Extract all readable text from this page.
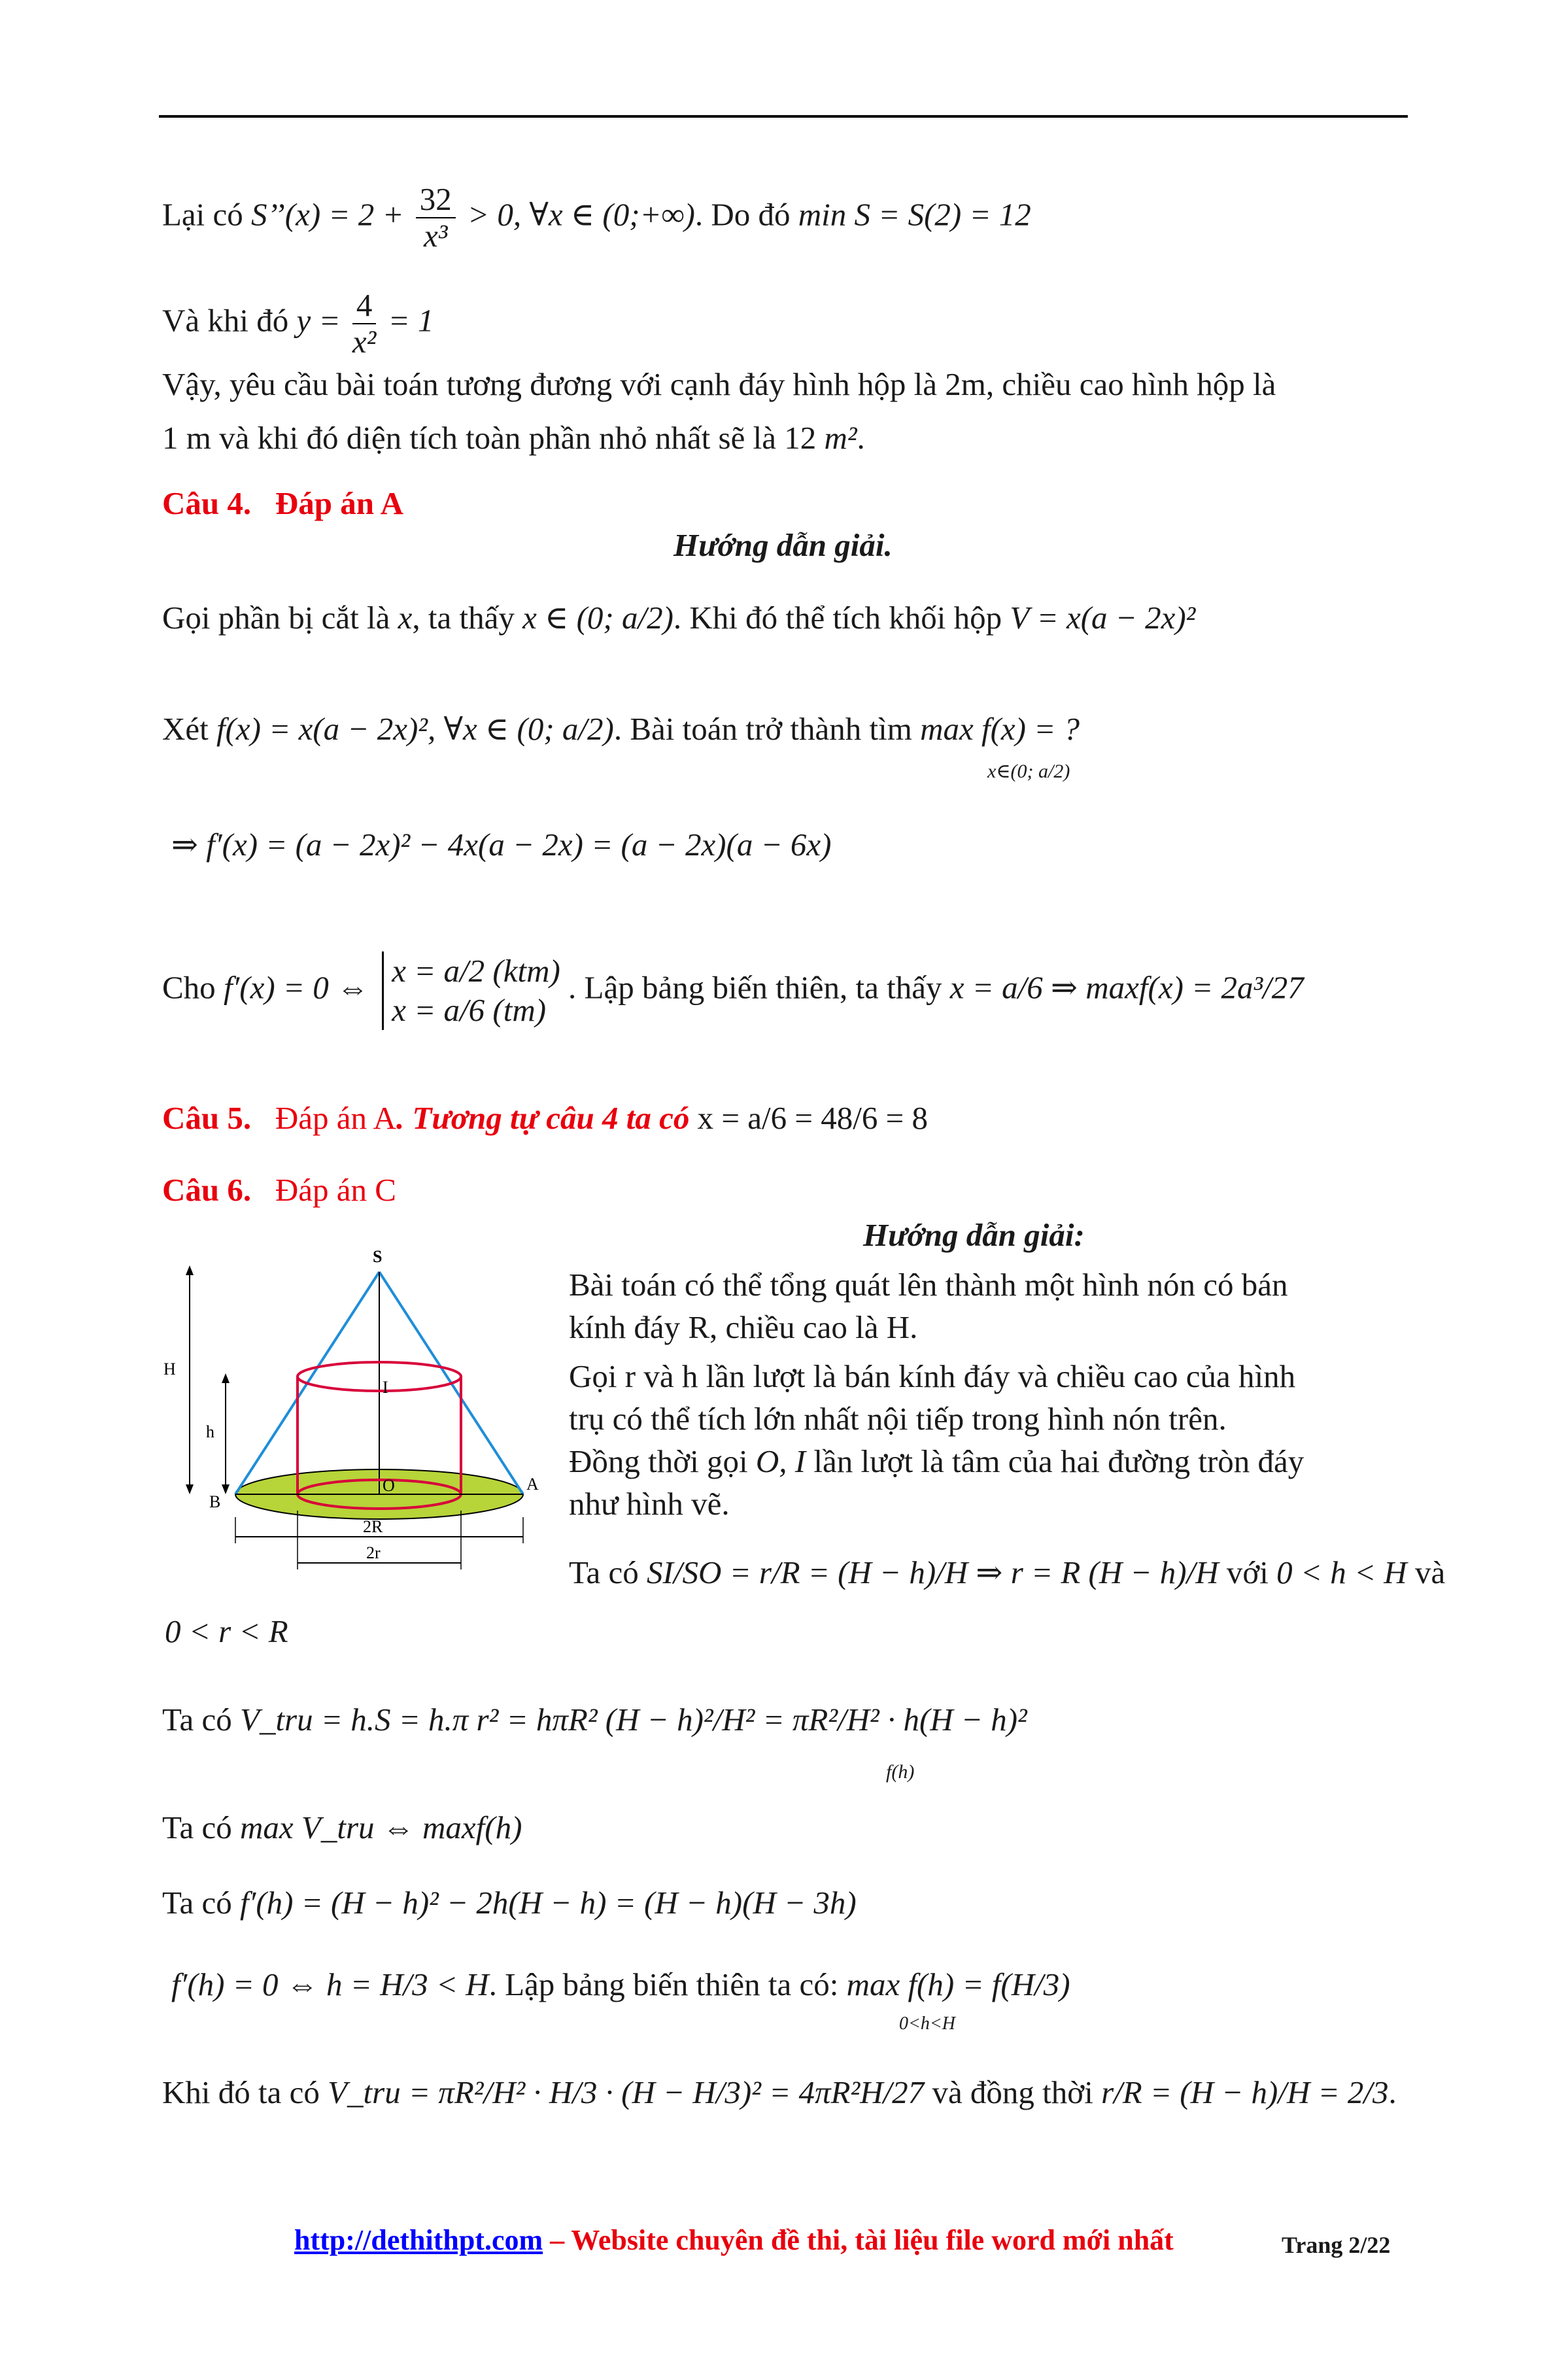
Lại có S’’(x) = $2 + \frac{32}{\text{x³}} > 0$, ∀x ∈ (0;+∞). Do đó min S = S(2) = 12
Và khi đó $y = \frac{4}{\text{x²}} = 1$
Vậy, yêu cầu bài toán tương đương với cạnh đáy hình hộp là 2m, chiều cao hình hộp là
1 m và khi đó diện tích toàn phần nhỏ nhất sẽ là 12 m².
Câu 4. Đáp án A
Hướng dẫn giải.
Gọi phần bị cắt là x, ta thấy x ∈ (0; a/2). Khi đó thể tích khối hộp V = x(a − 2x)²
Xét f(x) = x(a − 2x)², ∀x ∈ (0; a/2). Bài toán trở thành tìm max f(x) = ?
x∈(0; a/2)
⇒ f′(x) = (a − 2x)² − 4x(a − 2x) = (a − 2x)(a − 6x)
Cho f′(x) = 0 ⇔ x = a/2 (ktm)
x = a/6 (tm)
. Lập bảng biến thiên, ta thấy x = a/6 ⇒ maxf(x) = 2a³/27
Câu 5. Đáp án A. Tương tự câu 4 ta có x = a/6 = 48/6 = 8
Câu 6. Đáp án C
Hướng dẫn giải:
S
H
h
I
O	A
B
2R
2r
Bài toán có thể tổng quát lên thành một hình nón có bán
kính đáy R, chiều cao là H.
Gọi r và h lần lượt là bán kính đáy và chiều cao của hình
trụ có thể tích lớn nhất nội tiếp trong hình nón trên.
Đồng thời gọi O, I lần lượt là tâm của hai đường tròn đáy
như hình vẽ.
Ta có SI/SO = r/R = (H − h)/H ⇒ r = R (H − h)/H với 0 < h < H và
0 < r < R
Ta có V_tru = h.S = h.π r² = hπR² (H − h)²/H² = πR²/H² · h(H − h)²
f(h)
Ta có max V_tru ⇔ maxf(h)
Ta có f′(h) = (H − h)² − 2h(H − h) = (H − h)(H − 3h)
f′(h) = 0 ⇔ h = H/3 < H. Lập bảng biến thiên ta có: max f(h) = f(H/3)
0<h<H
Khi đó ta có V_tru = πR²/H² · H/3 · (H − H/3)² = 4πR²H/27 và đồng thời r/R = (H − h)/H = 2/3.
http://dethithpt.com – Website chuyên đề thi, tài liệu file word mới nhất	Trang 2/22
